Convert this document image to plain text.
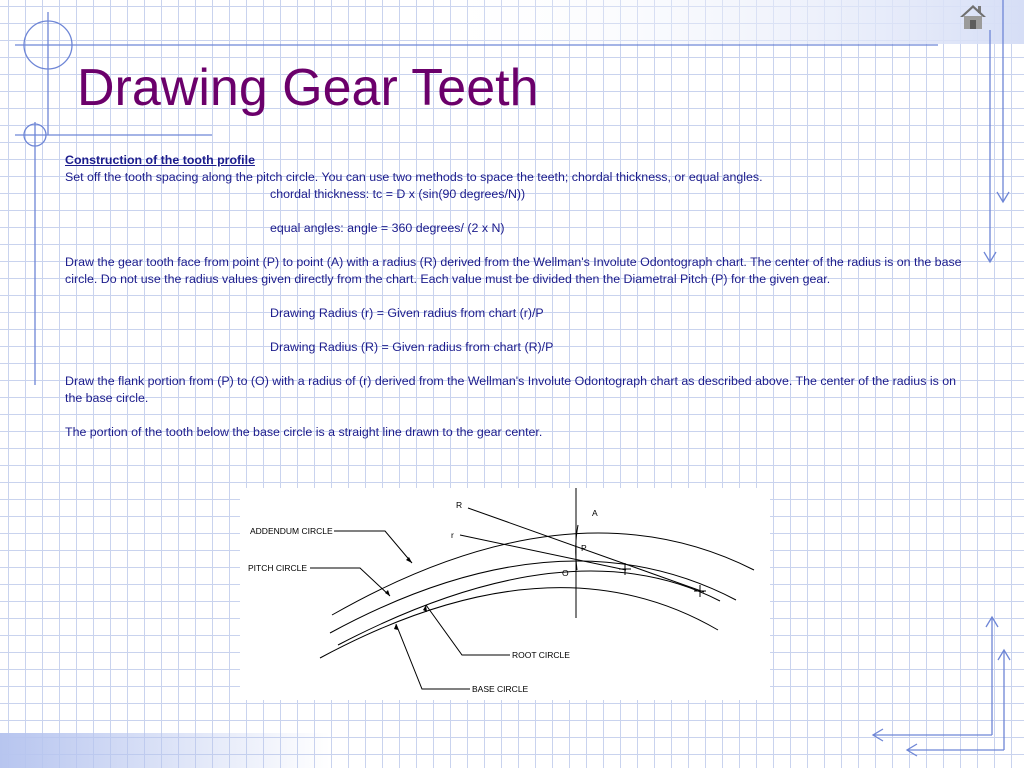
Drawing Gear Teeth

Construction of the tooth profile

Set off the tooth spacing along the pitch circle. You can use two methods to space the teeth; chordal thickness, or equal angles.

chordal thickness: tc = D x (sin(90 degrees/N))

equal angles: angle = 360 degrees/ (2 x N)

Draw the gear tooth face from point (P) to point (A) with a radius (R) derived from the Wellman's Involute Odontograph chart. The center of the radius is on the base circle. Do not use the radius values given directly from the chart. Each value must be divided then the Diametral Pitch (P) for the given gear.

Drawing Radius (r) = Given radius from chart (r)/P

Drawing Radius (R) = Given radius from chart (R)/P

Draw the flank portion from (P) to (O) with a radius of (r) derived from the Wellman's Involute Odontograph chart as described above. The center of the radius is on the base circle.

The portion of the tooth below the base circle is a straight line drawn to the gear center.

ADDENDUM CIRCLE
PITCH CIRCLE
ROOT CIRCLE
BASE CIRCLE
R
r
A
P
O
